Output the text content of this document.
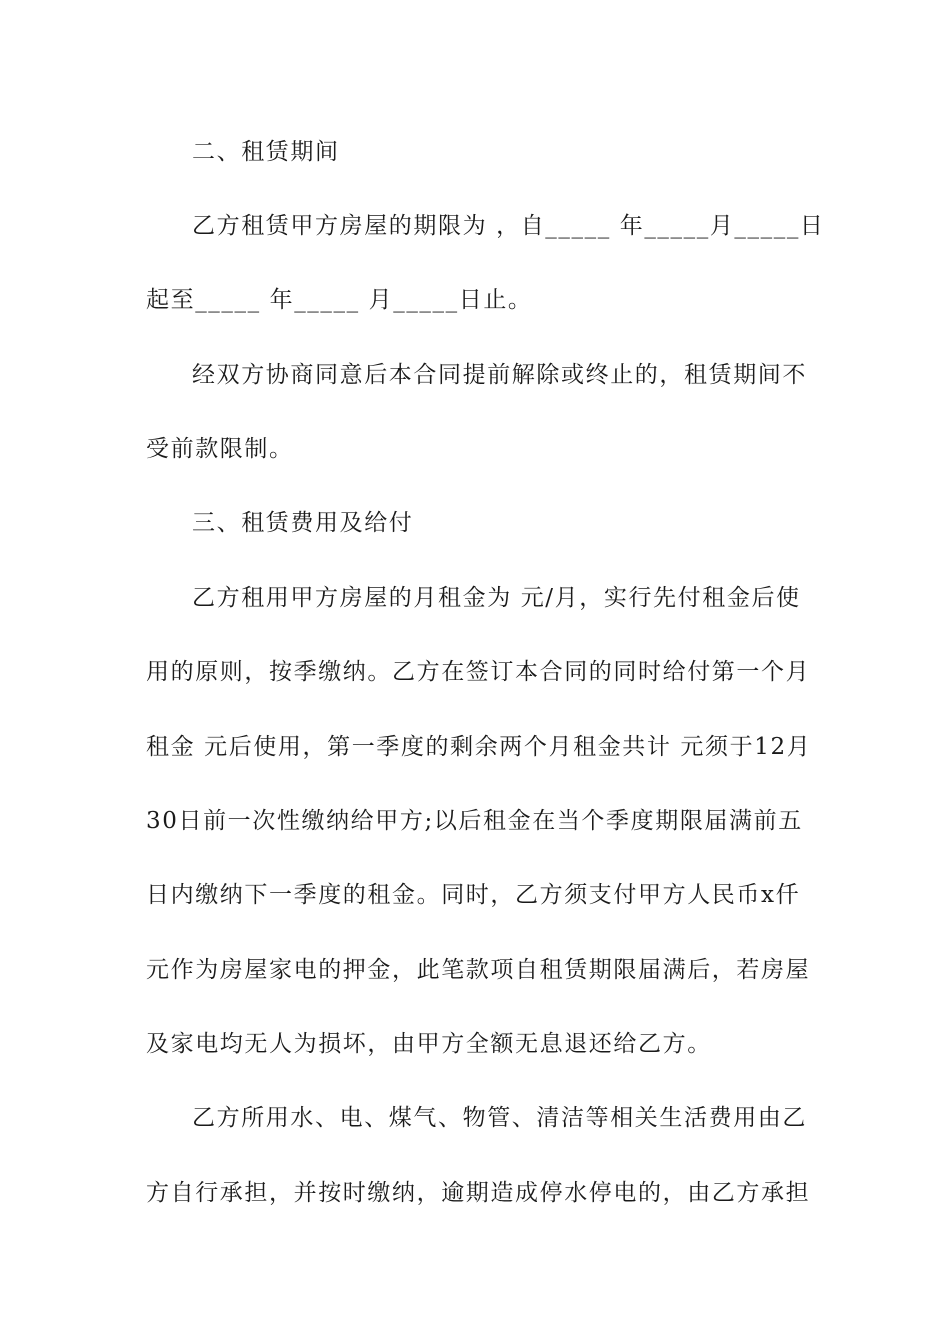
二、租赁期间
乙方租赁甲方房屋的期限为 ，自_____ 年_____月_____日
起至_____ 年_____ 月_____日止。
经双方协商同意后本合同提前解除或终止的，租赁期间不
受前款限制。
三、租赁费用及给付
乙方租用甲方房屋的月租金为 元/月，实行先付租金后使
用的原则，按季缴纳。乙方在签订本合同的同时给付第一个月
租金 元后使用，第一季度的剩余两个月租金共计 元须于12月
30日前一次性缴纳给甲方;以后租金在当个季度期限届满前五
日内缴纳下一季度的租金。同时，乙方须支付甲方人民币x仟
元作为房屋家电的押金，此笔款项自租赁期限届满后，若房屋
及家电均无人为损坏，由甲方全额无息退还给乙方。
乙方所用水、电、煤气、物管、清洁等相关生活费用由乙
方自行承担，并按时缴纳，逾期造成停水停电的，由乙方承担
